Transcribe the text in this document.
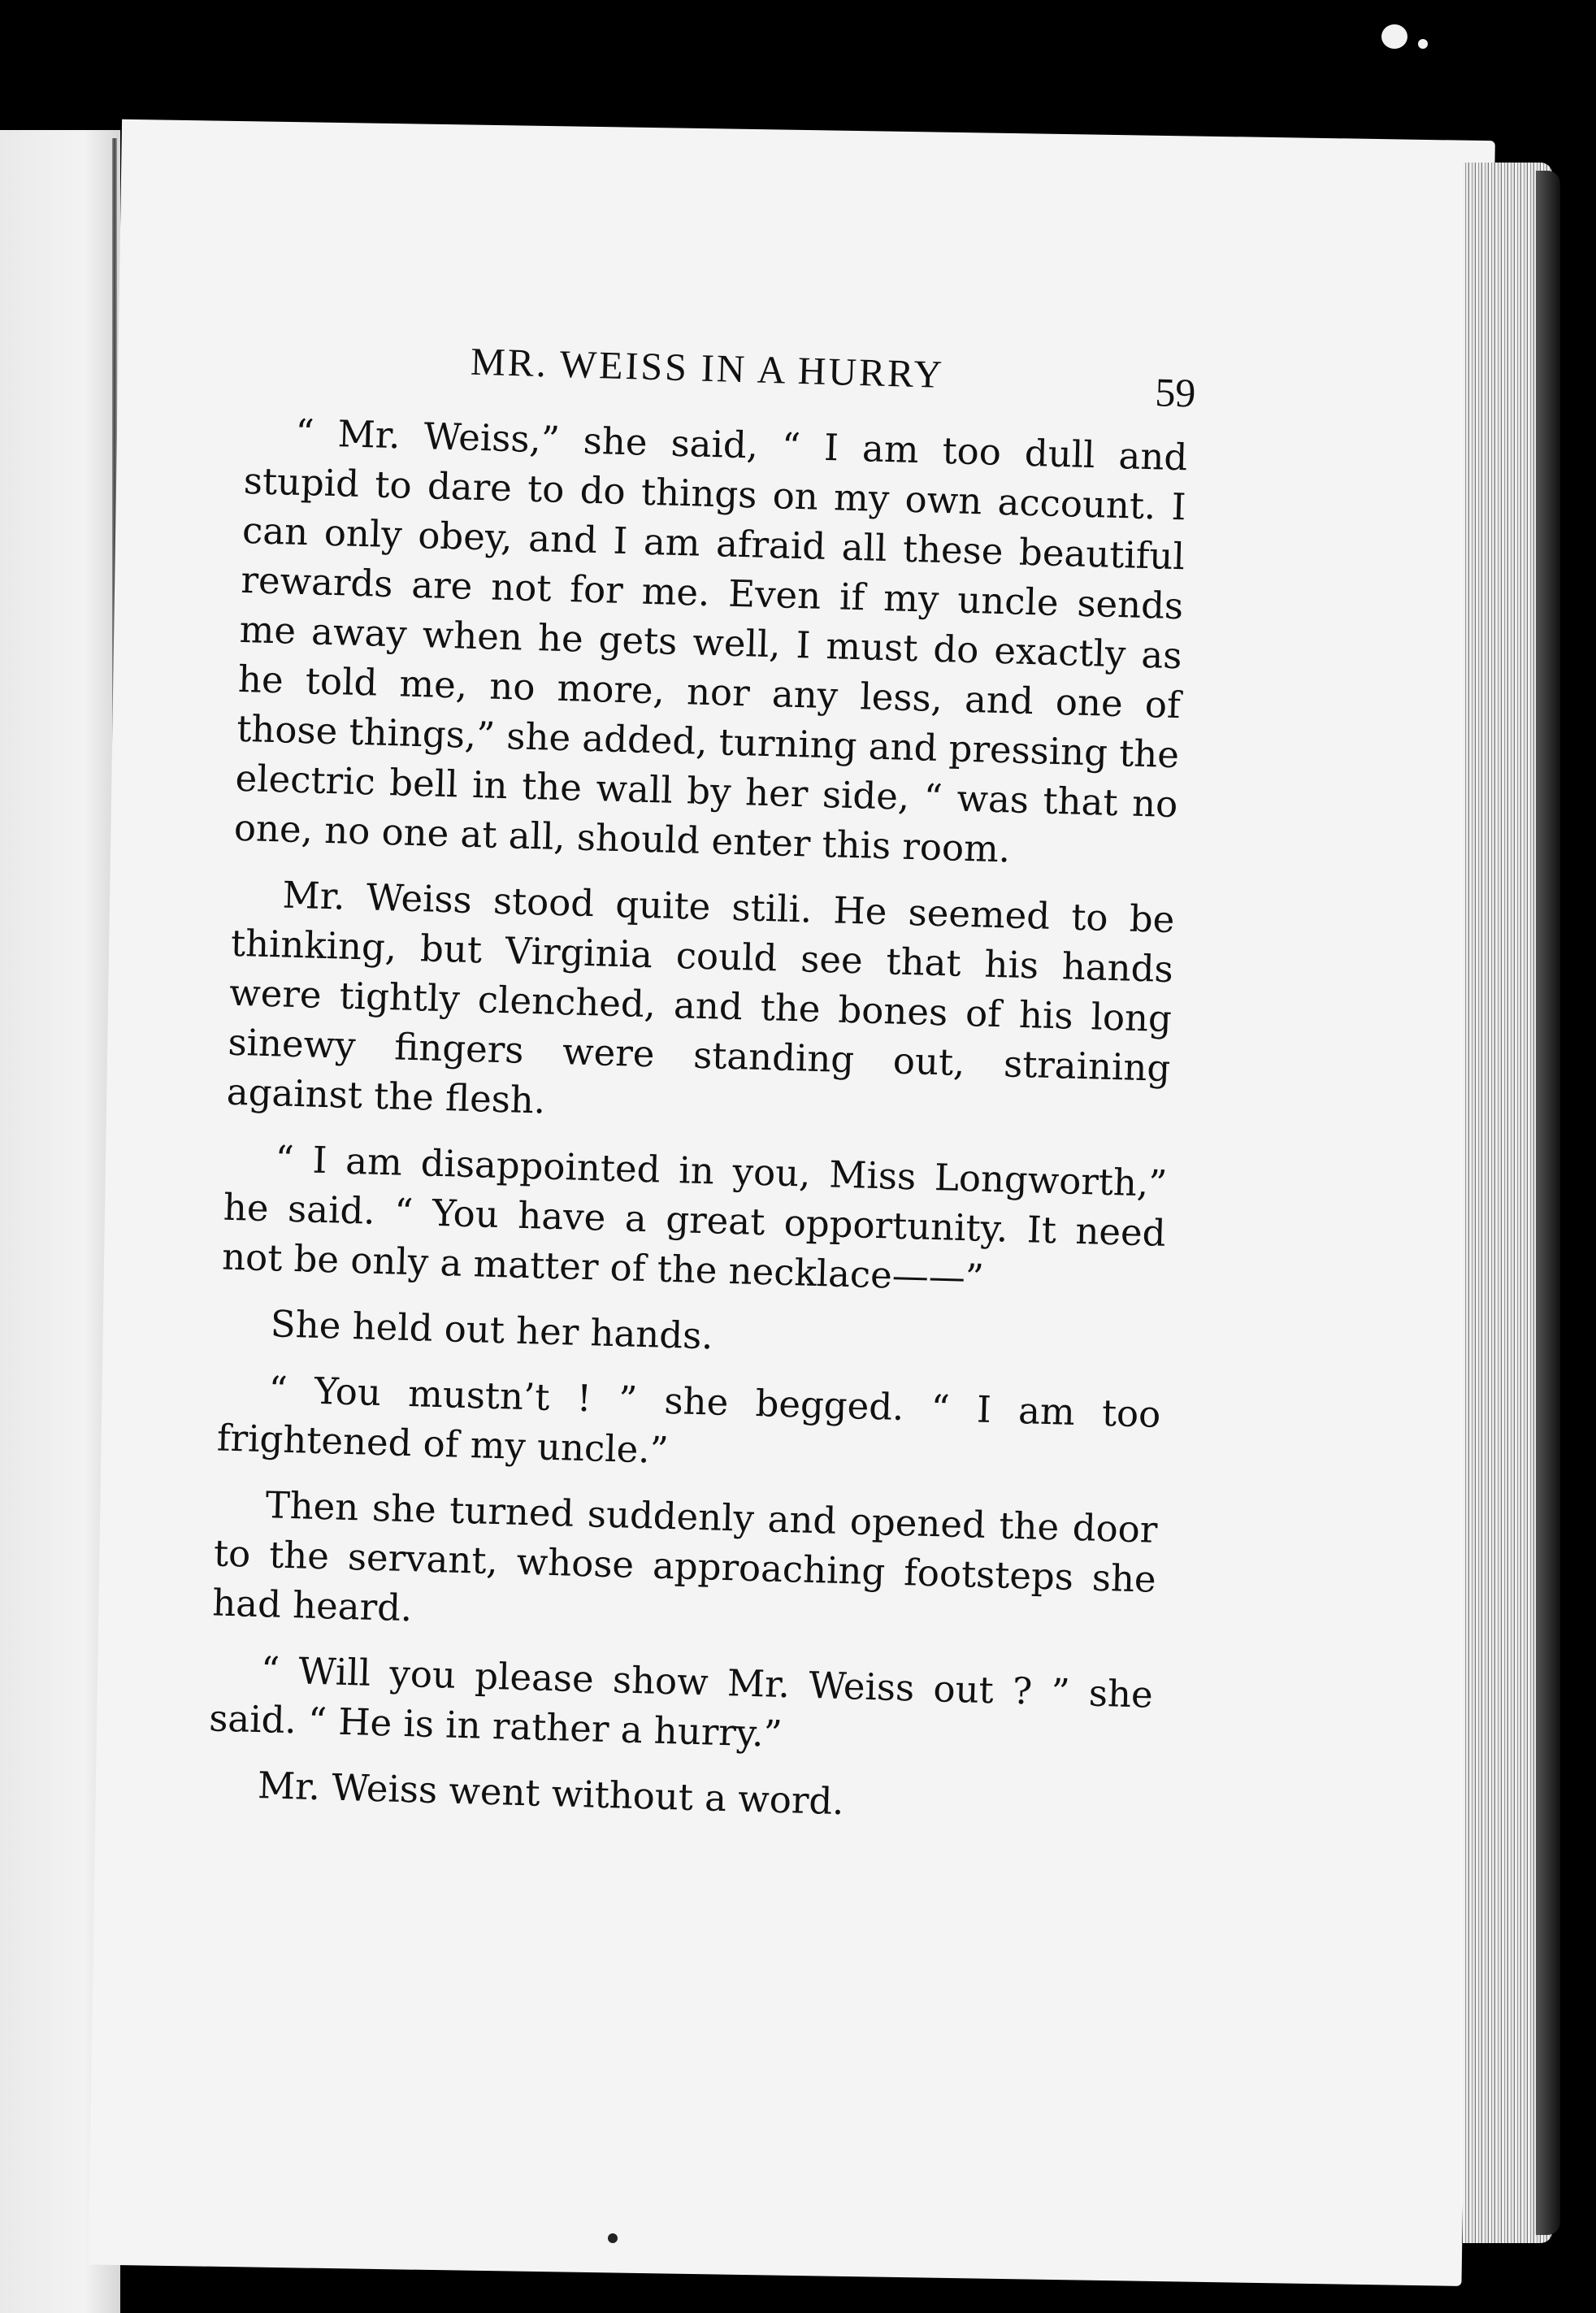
MR. WEISS IN A HURRY	59

“ Mr. Weiss,” she said, “ I am too dull and stupid to dare to do things on my own account. I can only obey, and I am afraid all these beautiful rewards are not for me. Even if my uncle sends me away when he gets well, I must do exactly as he told me, no more, nor any less, and one of those things,” she added, turning and pressing the electric bell in the wall by her side, “ was that no one, no one at all, should enter this room.

Mr. Weiss stood quite stili. He seemed to be thinking, but Virginia could see that his hands were tightly clenched, and the bones of his long sinewy fingers were standing out, straining against the flesh.

“ I am disappointed in you, Miss Longworth,” he said. “ You have a great opportunity. It need not be only a matter of the necklace——”

She held out her hands.

“ You mustn’t ! ” she begged. “ I am too frightened of my uncle.”

Then she turned suddenly and opened the door to the servant, whose approaching footsteps she had heard.

“ Will you please show Mr. Weiss out ? ” she said. “ He is in rather a hurry.”

Mr. Weiss went without a word.
